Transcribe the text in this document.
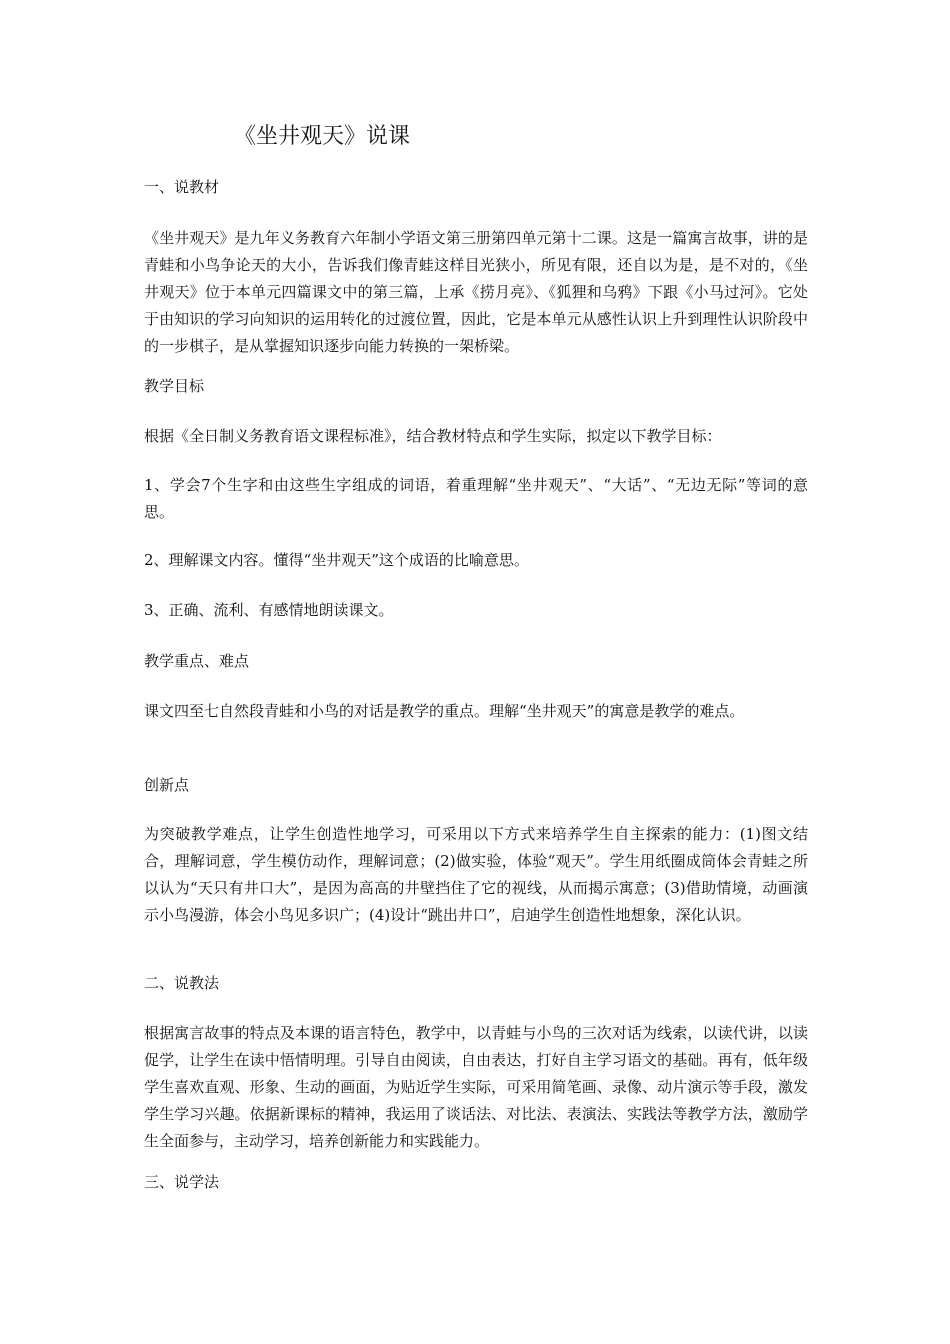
《坐井观天》说课
一、说教材
《坐井观天》是九年义务教育六年制小学语文第三册第四单元第十二课。这是一篇寓言故事，讲的是青蛙和小鸟争论天的大小，告诉我们像青蛙这样目光狭小，所见有限，还自以为是，是不对的，《坐井观天》位于本单元四篇课文中的第三篇，上承《捞月亮》、《狐狸和乌鸦》下跟《小马过河》。它处于由知识的学习向知识的运用转化的过渡位置，因此，它是本单元从感性认识上升到理性认识阶段中的一步棋子，是从掌握知识逐步向能力转换的一架桥梁。
教学目标
根据《全日制义务教育语文课程标准》，结合教材特点和学生实际，拟定以下教学目标：
1、学会7个生字和由这些生字组成的词语，着重理解“坐井观天”、“大话”、“无边无际”等词的意思。
2、理解课文内容。懂得“坐井观天”这个成语的比喻意思。
3、正确、流利、有感情地朗读课文。
教学重点、难点
课文四至七自然段青蛙和小鸟的对话是教学的重点。理解“坐井观天”的寓意是教学的难点。
创新点
为突破教学难点，让学生创造性地学习，可采用以下方式来培养学生自主探索的能力：(1)图文结合，理解词意，学生模仿动作，理解词意；(2)做实验，体验“观天”。学生用纸圈成筒体会青蛙之所以认为“天只有井口大”，是因为高高的井壁挡住了它的视线，从而揭示寓意；(3)借助情境，动画演示小鸟漫游，体会小鸟见多识广；(4)设计“跳出井口”，启迪学生创造性地想象，深化认识。
二、说教法
根据寓言故事的特点及本课的语言特色，教学中，以青蛙与小鸟的三次对话为线索，以读代讲，以读促学，让学生在读中悟情明理。引导自由阅读，自由表达，打好自主学习语文的基础。再有，低年级学生喜欢直观、形象、生动的画面，为贴近学生实际，可采用简笔画、录像、动片演示等手段，激发学生学习兴趣。依据新课标的精神，我运用了谈话法、对比法、表演法、实践法等教学方法，激励学生全面参与，主动学习，培养创新能力和实践能力。
三、说学法
